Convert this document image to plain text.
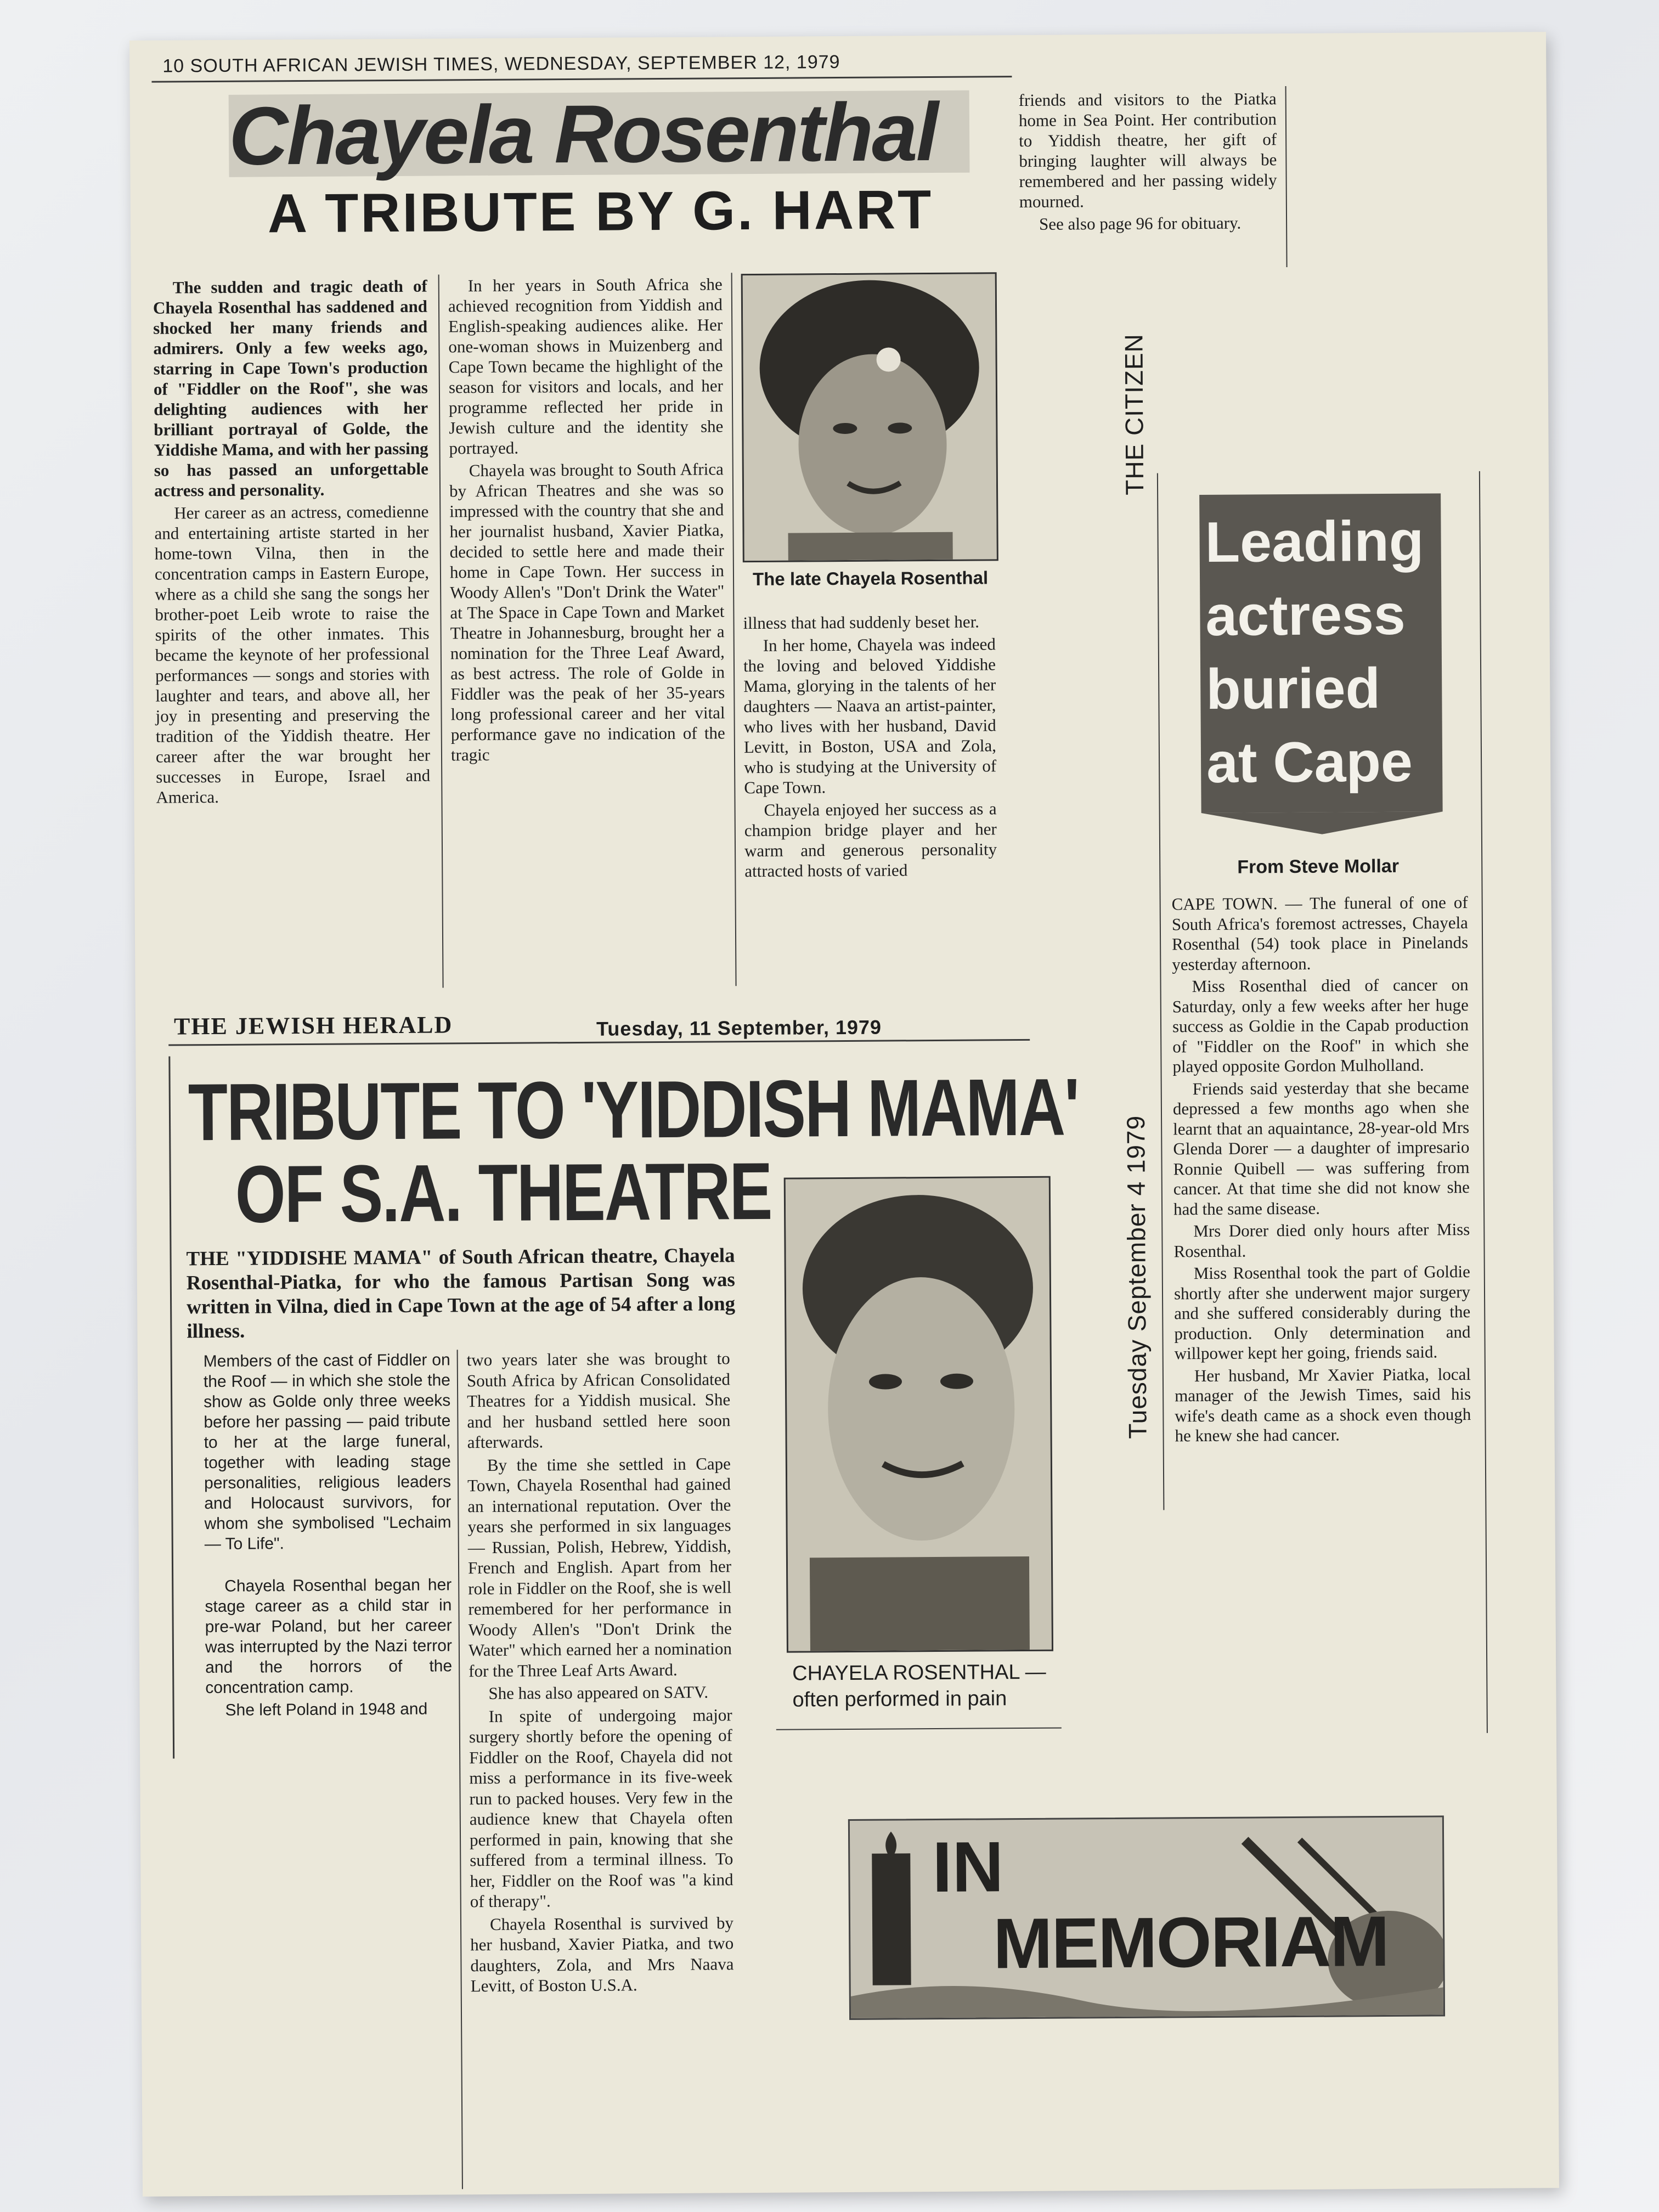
10 SOUTH AFRICAN JEWISH TIMES, WEDNESDAY, SEPTEMBER 12, 1979
Chayela Rosenthal
A TRIBUTE BY G. HART

The sudden and tragic death of Chayela Rosenthal has saddened and shocked her many friends and admirers. Only a few weeks ago, starring in Cape Town's production of "Fiddler on the Roof", she was delighting audiences with her brilliant portrayal of Golde, the Yiddishe Mama, and with her passing so has passed an unforgettable actress and personality.

Her career as an actress, comedienne and entertaining artiste started in her home-town Vilna, then in the concentration camps in Eastern Europe, where as a child she sang the songs her brother-poet Leib wrote to raise the spirits of the other inmates. This became the keynote of her professional performances — songs and stories with laughter and tears, and above all, her joy in presenting and preserving the tradition of the Yiddish theatre. Her career after the war brought her successes in Europe, Israel and America.

In her years in South Africa she achieved recognition from Yiddish and English-speaking audiences alike. Her one-woman shows in Muizenberg and Cape Town became the highlight of the season for visitors and locals, and her programme reflected her pride in Jewish culture and the identity she portrayed.

Chayela was brought to South Africa by African Theatres and she was so impressed with the country that she and her journalist husband, Xavier Piatka, decided to settle here and made their home in Cape Town. Her success in Woody Allen's "Don't Drink the Water" at The Space in Cape Town and Market Theatre in Johannesburg, brought her a nomination for the Three Leaf Award, as best actress. The role of Golde in Fiddler was the peak of her 35-years long professional career and her vital performance gave no indication of the tragic

The late Chayela Rosenthal

illness that had suddenly beset her.

In her home, Chayela was indeed the loving and beloved Yiddishe Mama, glorying in the talents of her daughters — Naava an artist-painter, who lives with her husband, David Levitt, in Boston, USA and Zola, who is studying at the University of Cape Town.

Chayela enjoyed her success as a champion bridge player and her warm and generous personality attracted hosts of varied

friends and visitors to the Piatka home in Sea Point. Her contribution to Yiddish theatre, her gift of bringing laughter will always be remembered and her passing widely mourned.

See also page 96 for obituary.

THE JEWISH HERALD	Tuesday, 11 September, 1979
TRIBUTE TO 'YIDDISH MAMA'
OF S.A. THEATRE
THE "YIDDISHE MAMA" of South African theatre, Chayela Rosenthal-Piatka, for who the famous Partisan Song was written in Vilna, died in Cape Town at the age of 54 after a long illness.

Members of the cast of Fiddler on the Roof — in which she stole the show as Golde only three weeks before her passing — paid tribute to her at the large funeral, together with leading stage personalities, religious leaders and Holocaust survivors, for whom she symbolised "Lechaim — To Life".

Chayela Rosenthal began her stage career as a child star in pre-war Poland, but her career was interrupted by the Nazi terror and the horrors of the concentration camp.

She left Poland in 1948 and

two years later she was brought to South Africa by African Consolidated Theatres for a Yiddish musical. She and her husband settled here soon afterwards.

By the time she settled in Cape Town, Chayela Rosenthal had gained an international reputation. Over the years she performed in six languages — Russian, Polish, Hebrew, Yiddish, French and English. Apart from her role in Fiddler on the Roof, she is well remembered for her performance in Woody Allen's "Don't Drink the Water" which earned her a nomination for the Three Leaf Arts Award.

She has also appeared on SATV.

In spite of undergoing major surgery shortly before the opening of Fiddler on the Roof, Chayela did not miss a performance in its five-week run to packed houses. Very few in the audience knew that Chayela often performed in pain, knowing that she suffered from a terminal illness. To her, Fiddler on the Roof was "a kind of therapy".

Chayela Rosenthal is survived by her husband, Xavier Piatka, and two daughters, Zola, and Mrs Naava Levitt, of Boston U.S.A.

CHAYELA ROSENTHAL — often performed in pain
THE CITIZEN
Tuesday September 4 1979
Leading
actress
buried
at Cape
From Steve Mollar

CAPE TOWN. — The funeral of one of South Africa's foremost actresses, Chayela Rosenthal (54) took place in Pinelands yesterday afternoon.

Miss Rosenthal died of cancer on Saturday, only a few weeks after her huge success as Goldie in the Capab production of "Fiddler on the Roof" in which she played opposite Gordon Mulholland.

Friends said yesterday that she became depressed a few months ago when she learnt that an aquaintance, 28-year-old Mrs Glenda Dorer — a daughter of impresario Ronnie Quibell — was suffering from cancer. At that time she did not know she had the same disease.

Mrs Dorer died only hours after Miss Rosenthal.

Miss Rosenthal took the part of Goldie shortly after she underwent major surgery and she suffered considerably during the production. Only determination and willpower kept her going, friends said.

Her husband, Mr Xavier Piatka, local manager of the Jewish Times, said his wife's death came as a shock even though he knew she had cancer.

IN
MEMORIAM
